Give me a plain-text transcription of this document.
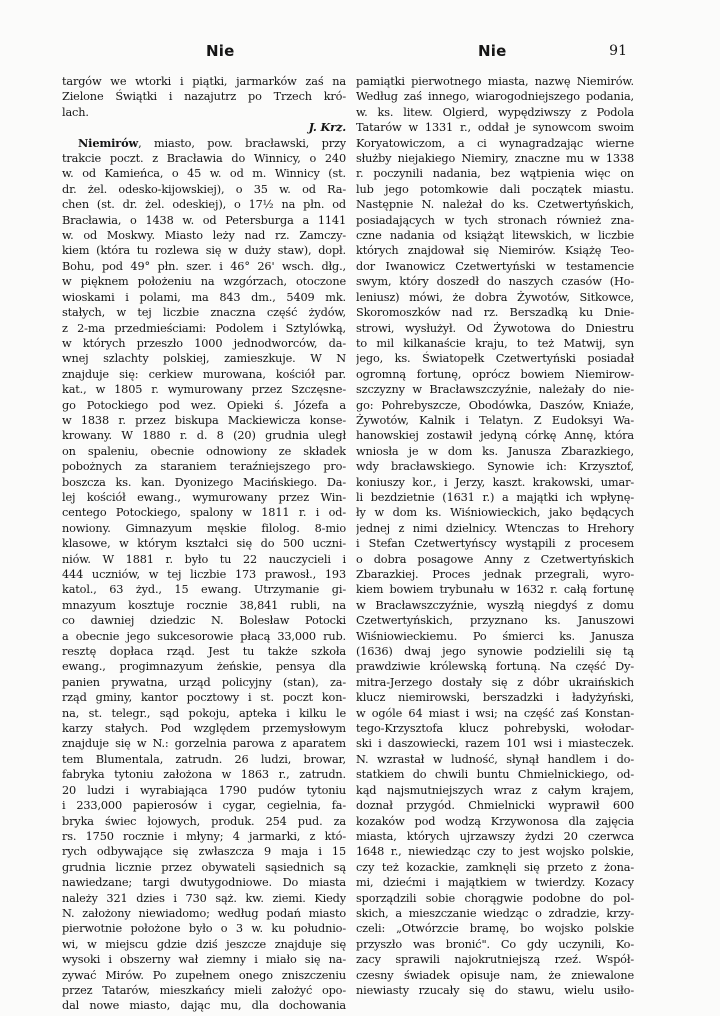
Nie	Nie	91
targów we wtorki i piątki, jarmarków zaś na
Zielone Świątki i nazajutrz po Trzech kró-
lach.
J. Krz.
Niemirów, miasto, pow. bracławski, przy
trakcie poczt. z Bracławia do Winnicy, o 240
w. od Kamieńca, o 45 w. od m. Winnicy (st.
dr. żel. odesko-kijowskiej), o 35 w. od Ra-
chen (st. dr. żel. odeskiej), o 17½ na płn. od
Bracławia, o 1438 w. od Petersburga a 1141
w. od Moskwy. Miasto leży nad rz. Zamczy-
kiem (która tu rozlewa się w duży staw), dopł.
Bohu, pod 49° płn. szer. i 46° 26' wsch. dłg.,
w pięknem położeniu na wzgórzach, otoczone
wioskami i polami, ma 843 dm., 5409 mk.
stałych, w tej liczbie znaczna część żydów,
z 2-ma przedmieściami: Podolem i Sztylówką,
w których przeszło 1000 jednodworców, da-
wnej szlachty polskiej, zamieszkuje. W N
znajduje się: cerkiew murowana, kościół par.
kat., w 1805 r. wymurowany przez Szczęsne-
go Potockiego pod wez. Opieki ś. Józefa a
w 1838 r. przez biskupa Mackiewicza konse-
krowany. W 1880 r. d. 8 (20) grudnia uległ
on spaleniu, obecnie odnowiony ze składek
pobożnych za staraniem teraźniejszego pro-
boszcza ks. kan. Dyonizego Macińskiego. Da-
lej kościół ewang., wymurowany przez Win-
centego Potockiego, spalony w 1811 r. i od-
nowiony. Gimnazyum męskie filolog. 8-mio
klasowe, w którym kształci się do 500 uczni-
niów. W 1881 r. było tu 22 nauczycieli i
444 uczniów, w tej liczbie 173 prawosł., 193
katol., 63 żyd., 15 ewang. Utrzymanie gi-
mnazyum kosztuje rocznie 38,841 rubli, na
co dawniej dziedzic N. Bolesław Potocki
a obecnie jego sukcesorowie płacą 33,000 rub.
resztę dopłaca rząd. Jest tu także szkoła
ewang., progimnazyum żeńskie, pensya dla
panien prywatna, urząd policyjny (stan), za-
rząd gminy, kantor pocztowy i st. poczt kon-
na, st. telegr., sąd pokoju, apteka i kilku le
karzy stałych. Pod względem przemysłowym
znajduje się w N.: gorzelnia parowa z aparatem
tem Blumentala, zatrudn. 26 ludzi, browar,
fabryka tytoniu założona w 1863 r., zatrudn.
20 ludzi i wyrabiająca 1790 pudów tytoniu
i 233,000 papierosów i cygar, cegielnia, fa-
bryka świec łojowych, produk. 254 pud. za
rs. 1750 rocznie i młyny; 4 jarmarki, z któ-
rych odbywające się zwłaszcza 9 maja i 15
grudnia licznie przez obywateli sąsiednich są
nawiedzane; targi dwutygodniowe. Do miasta
należy 321 dzies i 730 sąż. kw. ziemi. Kiedy
N. założony niewiadomo; według podań miasto
pierwotnie położone było o 3 w. ku południo-
wi, w miejscu gdzie dziś jeszcze znajduje się
wysoki i obszerny wał ziemny i miało się na-
zywać Mirów. Po zupełnem onego zniszczeniu
przez Tatarów, mieszkańcy mieli założyć opo-
dal nowe miasto, dając mu, dla dochowania
pamiątki pierwotnego miasta, nazwę Niemirów.
Według zaś innego, wiarogodniejszego podania,
w. ks. litew. Olgierd, wypędziwszy z Podola
Tatarów w 1331 r., oddał je synowcom swoim
Koryatowiczom, a ci wynagradzając wierne
służby niejakiego Niemiry, znaczne mu w 1338
r. poczynili nadania, bez wątpienia więc on
lub jego potomkowie dali początek miastu.
Następnie N. należał do ks. Czetwertyńskich,
posiadających w tych stronach również zna-
czne nadania od książąt litewskich, w liczbie
których znajdował się Niemirów. Książę Teo-
dor Iwanowicz Czetwertyński w testamencie
swym, który doszedł do naszych czasów (Ho-
leniusz) mówi, że dobra Żywotów, Sitkowce,
Skoromoszków nad rz. Berszadką ku Dnie-
strowi, wysłużył. Od Żywotowa do Dniestru
to mil kilkanaście kraju, to też Matwij, syn
jego, ks. Światopełk Czetwertyński posiadał
ogromną fortunę, oprócz bowiem Niemirow-
szczyzny w Bracławszczyźnie, należały do nie-
go: Pohrebyszcze, Obodówka, Daszów, Kniaźe,
Żywotów, Kalnik i Telatyn. Z Eudoksyi Wa-
hanowskiej zostawił jedyną córkę Annę, która
wniosła je w dom ks. Janusza Zbarazkiego,
wdy bracławskiego. Synowie ich: Krzysztof,
koniuszy kor., i Jerzy, kaszt. krakowski, umar-
li bezdzietnie (1631 r.) a majątki ich wpłynę-
ły w dom ks. Wiśniowieckich, jako będących
jednej z nimi dzielnicy. Wtenczas to Hrehory
i Stefan Czetwertyńscy wystąpili z procesem
o dobra posagowe Anny z Czetwertyńskich
Zbarazkiej. Proces jednak przegrali, wyro-
kiem bowiem trybunału w 1632 r. całą fortunę
w Bracławszczyźnie, wyszłą niegdyś z domu
Czetwertyńskich, przyznano ks. Januszowi
Wiśniowieckiemu. Po śmierci ks. Janusza
(1636) dwaj jego synowie podzielili się tą
prawdziwie królewską fortuną. Na część Dy-
mitra-Jerzego dostały się z dóbr ukraińskich
klucz niemirowski, berszadzki i ładyżyński,
w ogóle 64 miast i wsi; na część zaś Konstan-
tego-Krzysztofa klucz pohrebyski, wołodar-
ski i daszowiecki, razem 101 wsi i miasteczek.
N. wzrastał w ludność, słynął handlem i do-
statkiem do chwili buntu Chmielnickiego, od-
kąd najsmutniejszych wraz z całym krajem,
doznał przygód. Chmielnicki wyprawił 600
kozaków pod wodzą Krzywonosa dla zajęcia
miasta, których ujrzawszy żydzi 20 czerwca
1648 r., niewiedząc czy to jest wojsko polskie,
czy też kozackie, zamknęli się przeto z żona-
mi, dziećmi i majątkiem w twierdzy. Kozacy
sporządzili sobie chorągwie podobne do pol-
skich, a mieszczanie wiedząc o zdradzie, krzy-
czeli: „Otwórzcie bramę, bo wojsko polskie
przyszło was bronić". Co gdy uczynili, Ko-
zacy sprawili najokrutniejszą rzeź. Współ-
czesny świadek opisuje nam, że zniewalone
niewiasty rzucały się do stawu, wielu usiło-
